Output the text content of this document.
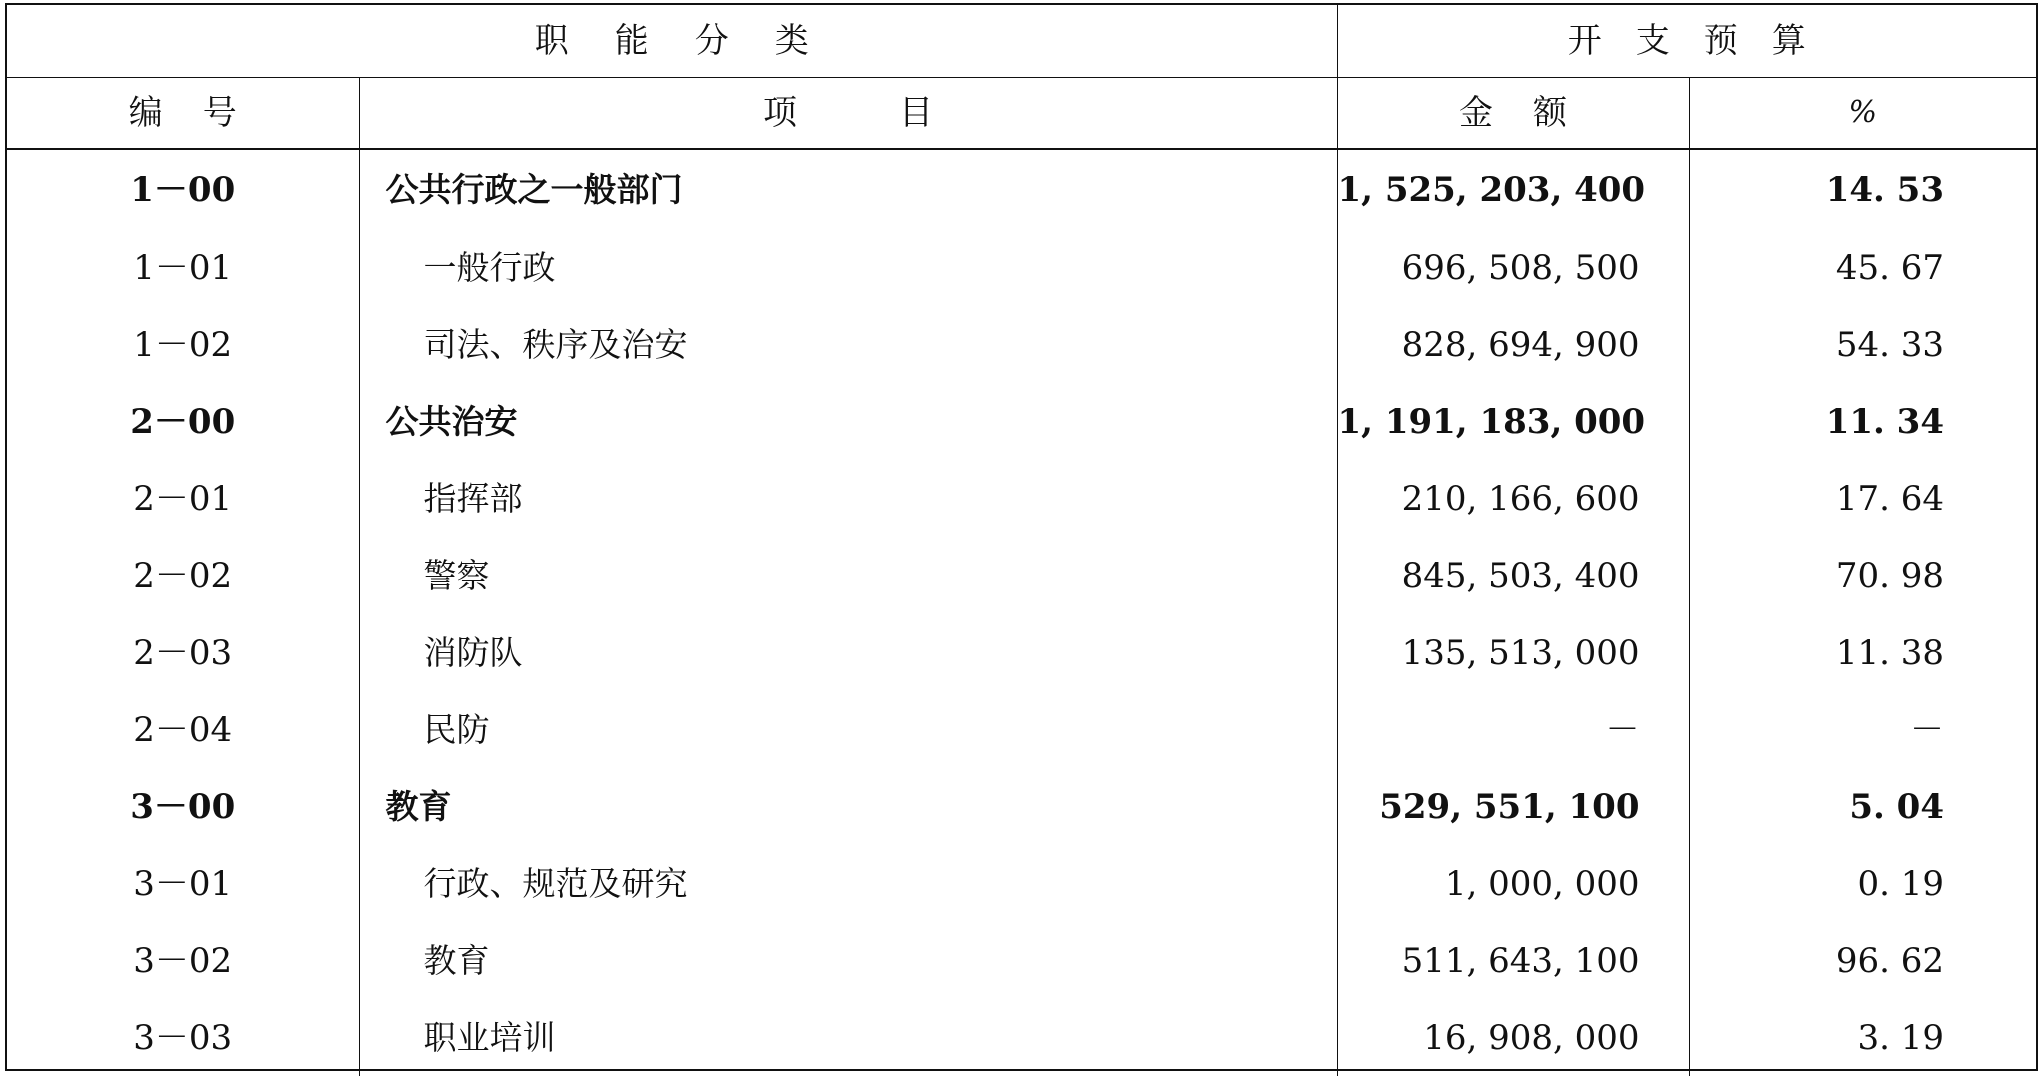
职能分类		开支预算	
编号	项目	金额	%
1－00	公共行政之一般部门	1, 525, 203, 400	14. 53
1－01	一般行政	696, 508, 500	45. 67
1－02	司法、秩序及治安	828, 694, 900	54. 33
2－00	公共治安	1, 191, 183, 000	11. 34
2－01	指挥部	210, 166, 600	17. 64
2－02	警察	845, 503, 400	70. 98
2－03	消防队	135, 513, 000	11. 38
2－04	民防	－	－
3－00	教育	529, 551, 100	5. 04
3－01	行政、规范及研究	1, 000, 000	0. 19
3－02	教育	511, 643, 100	96. 62
3－03	职业培训	16, 908, 000	3. 19
